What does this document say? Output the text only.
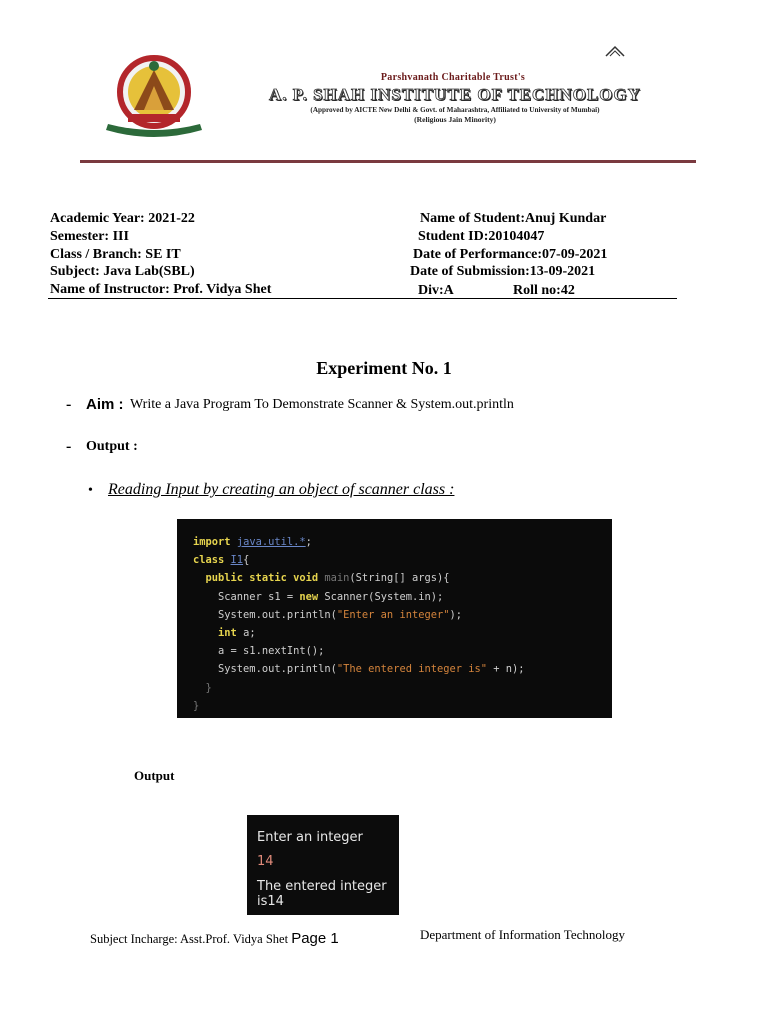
Parshvanath Charitable Trust's
A. P. SHAH INSTITUTE OF TECHNOLOGY
(Approved by AICTE New Delhi & Govt. of Maharashtra, Affiliated to University of Mumbai)
(Religious Jain Minority)
Academic Year: 2021-22
Semester: III
Class / Branch: SE IT
Subject: Java Lab(SBL)
Name of Instructor: Prof. Vidya Shet
Name of Student:Anuj Kundar
Student ID:20104047
Date of Performance:07-09-2021
Date of Submission:13-09-2021
Div:A	Roll no:42
Experiment No. 1
- Aim : Write a Java Program To Demonstrate Scanner & System.out.println
- Output :
• Reading Input by creating an object of scanner class :
import java.util.*;
class I1{
public static void main(String[] args){
Scanner s1 = new Scanner(System.in);
System.out.println("Enter an integer");
int a;
a = s1.nextInt();
System.out.println("The entered integer is" + n);
}
}
Output
Enter an integer
14
The entered integer is14
Subject Incharge: Asst.Prof. Vidya Shet Page 1	Department of Information Technology
